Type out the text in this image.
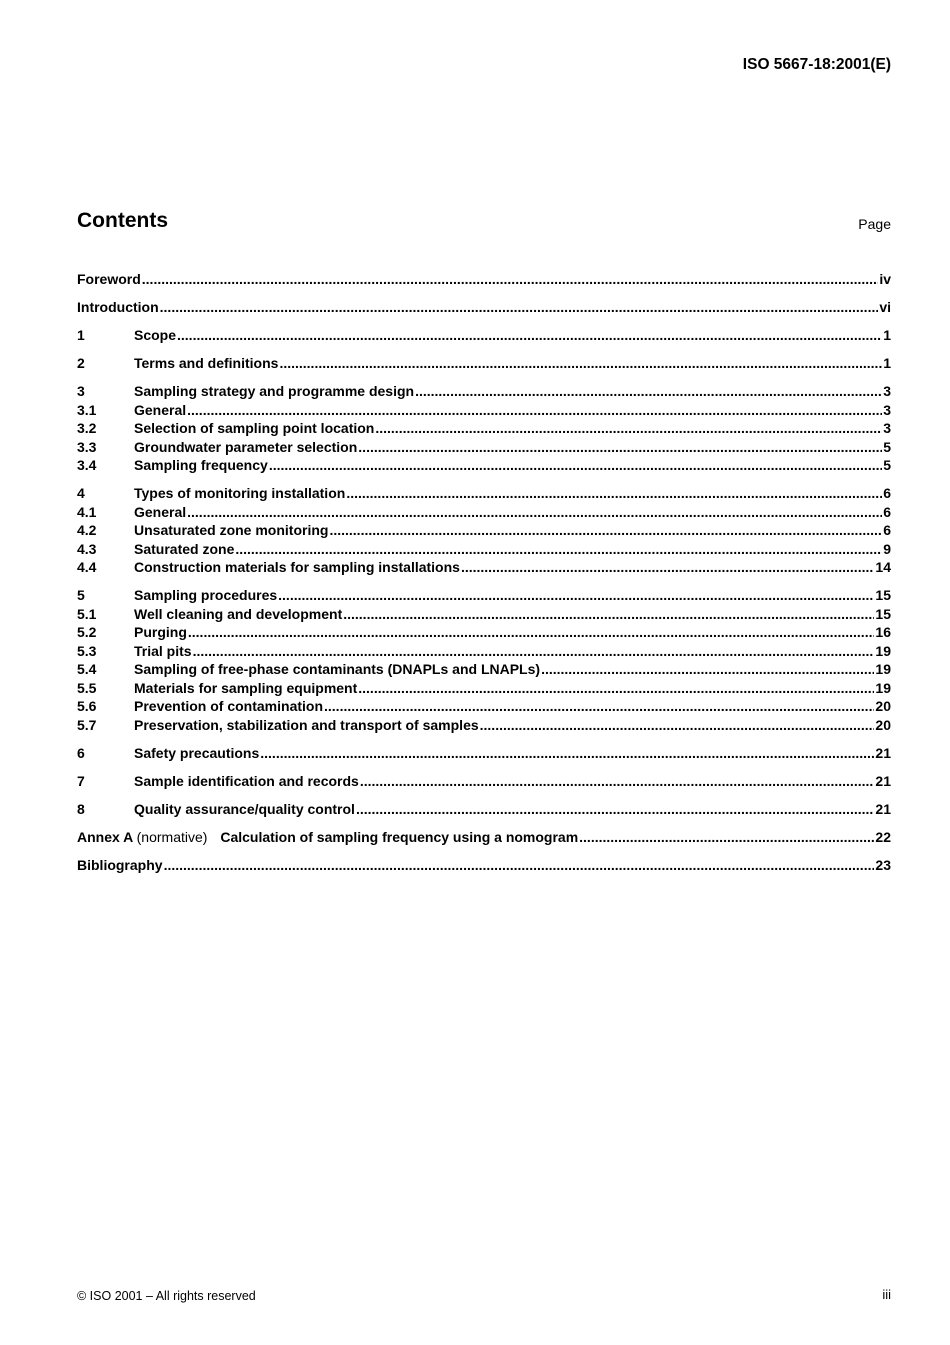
ISO 5667-18:2001(E)
Contents	Page
Foreword .....	iv
Introduction .....	vi
1	Scope .....	1
2	Terms and definitions .....	1
3	Sampling strategy and programme design .....	3
3.1	General .....	3
3.2	Selection of sampling point location .....	3
3.3	Groundwater parameter selection .....	5
3.4	Sampling frequency .....	5
4	Types of monitoring installation .....	6
4.1	General .....	6
4.2	Unsaturated zone monitoring .....	6
4.3	Saturated zone .....	9
4.4	Construction materials for sampling installations .....	14
5	Sampling procedures .....	15
5.1	Well cleaning and development .....	15
5.2	Purging .....	16
5.3	Trial pits .....	19
5.4	Sampling of free-phase contaminants (DNAPLs and LNAPLs) .....	19
5.5	Materials for sampling equipment .....	19
5.6	Prevention of contamination .....	20
5.7	Preservation, stabilization and transport of samples .....	20
6	Safety precautions .....	21
7	Sample identification and records .....	21
8	Quality assurance/quality control .....	21
Annex A (normative) Calculation of sampling frequency using a nomogram .....	22
Bibliography .....	23
© ISO 2001 – All rights reserved	iii
